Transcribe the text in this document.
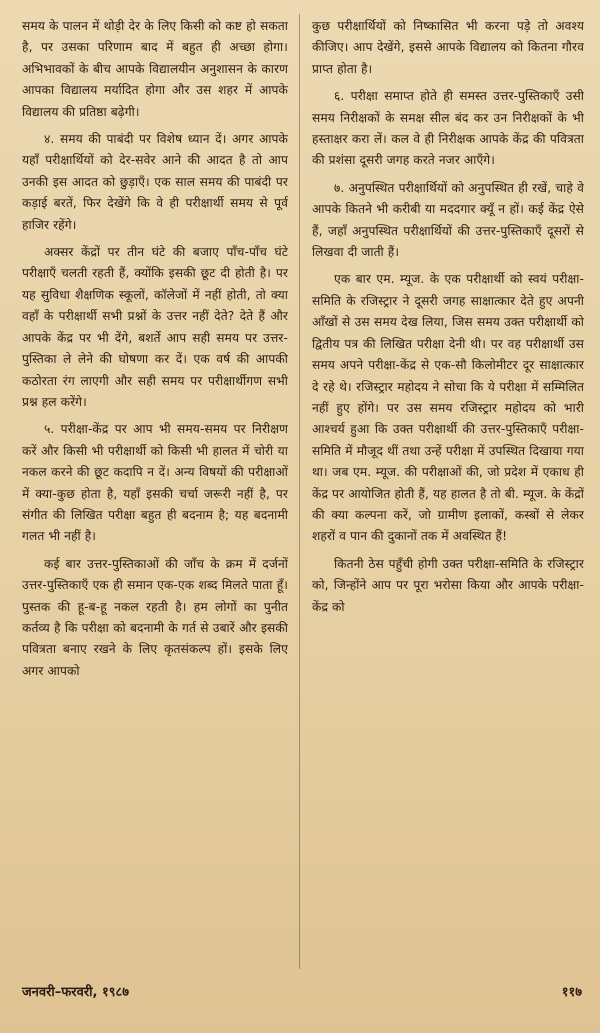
समय के पालन में थोड़ी देर के लिए किसी को कष्ट हो सकता है, पर उसका परिणाम बाद में बहुत ही अच्छा होगा। अभिभावकों के बीच आपके विद्यालयीन अनुशासन के कारण आपका विद्यालय मर्यादित होगा और उस शहर में आपके विद्यालय की प्रतिष्ठा बढ़ेगी।

४. समय की पाबंदी पर विशेष ध्यान दें। अगर आपके यहाँ परीक्षार्थियों को देर-सवेर आने की आदत है तो आप उनकी इस आदत को छुड़ाएँ। एक साल समय की पाबंदी पर कड़ाई बरतें, फिर देखेंगे कि वे ही परीक्षार्थी समय से पूर्व हाजिर रहेंगे।

अक्सर केंद्रों पर तीन घंटे की बजाए पाँच-पाँच घंटे परीक्षाएँ चलती रहती हैं, क्योंकि इसकी छूट दी होती है। पर यह सुविधा शैक्षणिक स्कूलों, कॉलेजों में नहीं होती, तो क्या वहाँ के परीक्षार्थी सभी प्रश्नों के उत्तर नहीं देते? देते हैं और आपके केंद्र पर भी देंगे, बशर्ते आप सही समय पर उत्तर-पुस्तिका ले लेने की घोषणा कर दें। एक वर्ष की आपकी कठोरता रंग लाएगी और सही समय पर परीक्षार्थीगण सभी प्रश्न हल करेंगे।

५. परीक्षा-केंद्र पर आप भी समय-समय पर निरीक्षण करें और किसी भी परीक्षार्थी को किसी भी हालत में चोरी या नकल करने की छूट कदापि न दें। अन्य विषयों की परीक्षाओं में क्या-कुछ होता है, यहाँ इसकी चर्चा जरूरी नहीं है, पर संगीत की लिखित परीक्षा बहुत ही बदनाम है; यह बदनामी गलत भी नहीं है।

कई बार उत्तर-पुस्तिकाओं की जाँच के क्रम में दर्जनों उत्तर-पुस्तिकाएँ एक ही समान एक-एक शब्द मिलते पाता हूँ। पुस्तक की हू-ब-हू नकल रहती है। हम लोगों का पुनीत कर्तव्य है कि परीक्षा को बदनामी के गर्त से उबारें और इसकी पवित्रता बनाए रखने के लिए कृतसंकल्प हों। इसके लिए अगर आपको

कुछ परीक्षार्थियों को निष्कासित भी करना पड़े तो अवश्य कीजिए। आप देखेंगे, इससे आपके विद्यालय को कितना गौरव प्राप्त होता है।

६. परीक्षा समाप्त होते ही समस्त उत्तर-पुस्तिकाएँ उसी समय निरीक्षकों के समक्ष सील बंद कर उन निरीक्षकों के भी हस्ताक्षर करा लें। कल वे ही निरीक्षक आपके केंद्र की पवित्रता की प्रशंसा दूसरी जगह करते नजर आएँगे।

७. अनुपस्थित परीक्षार्थियों को अनुपस्थित ही रखें, चाहे वे आपके कितने भी करीबी या मददगार क्यूँ न हों। कई केंद्र ऐसे हैं, जहाँ अनुपस्थित परीक्षार्थियों की उत्तर-पुस्तिकाएँ दूसरों से लिखवा दी जाती हैं।

एक बार एम. म्यूज. के एक परीक्षार्थी को स्वयं परीक्षा-समिति के रजिस्ट्रार ने दूसरी जगह साक्षात्कार देते हुए अपनी आँखों से उस समय देख लिया, जिस समय उक्त परीक्षार्थी को द्वितीय पत्र की लिखित परीक्षा देनी थी। पर वह परीक्षार्थी उस समय अपने परीक्षा-केंद्र से एक-सौ किलोमीटर दूर साक्षात्कार दे रहे थे। रजिस्ट्रार महोदय ने सोचा कि ये परीक्षा में सम्मिलित नहीं हुए होंगे। पर उस समय रजिस्ट्रार महोदय को भारी आश्चर्य हुआ कि उक्त परीक्षार्थी की उत्तर-पुस्तिकाएँ परीक्षा-समिति में मौजूद थीं तथा उन्हें परीक्षा में उपस्थित दिखाया गया था। जब एम. म्यूज. की परीक्षाओं की, जो प्रदेश में एकाध ही केंद्र पर आयोजित होती हैं, यह हालत है तो बी. म्यूज. के केंद्रों की क्या कल्पना करें, जो ग्रामीण इलाकों, कस्बों से लेकर शहरों व पान की दुकानों तक में अवस्थित हैं!

कितनी ठेस पहुँची होगी उक्त परीक्षा-समिति के रजिस्ट्रार को, जिन्होंने आप पर पूरा भरोसा किया और आपके परीक्षा-केंद्र को

जनवरी–फरवरी, १९८७	११७
